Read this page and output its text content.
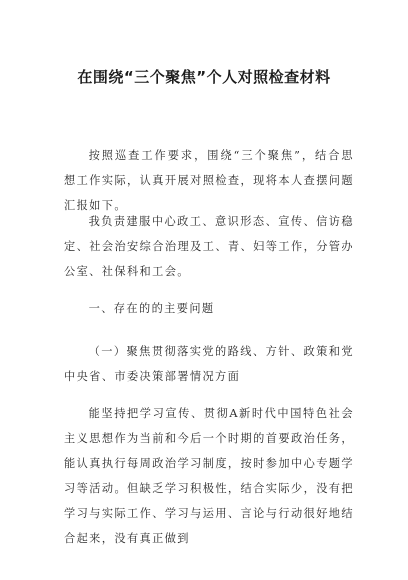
在围绕“三个聚焦”个人对照检查材料

按照巡查工作要求，围绕“三个聚焦”，结合思想工作实际，认真开展对照检查，现将本人查摆问题汇报如下。

我负责建服中心政工、意识形态、宣传、信访稳定、社会治安综合治理及工、青、妇等工作，分管办公室、社保科和工会。

一、存在的的主要问题

（一）聚焦贯彻落实党的路线、方针、政策和党中央省、市委决策部署情况方面

能坚持把学习宣传、贯彻A新时代中国特色社会主义思想作为当前和今后一个时期的首要政治任务，能认真执行每周政治学习制度，按时参加中心专题学习等活动。但缺乏学习积极性，结合实际少，没有把学习与实际工作、学习与运用、言论与行动很好地结合起来，没有真正做到
